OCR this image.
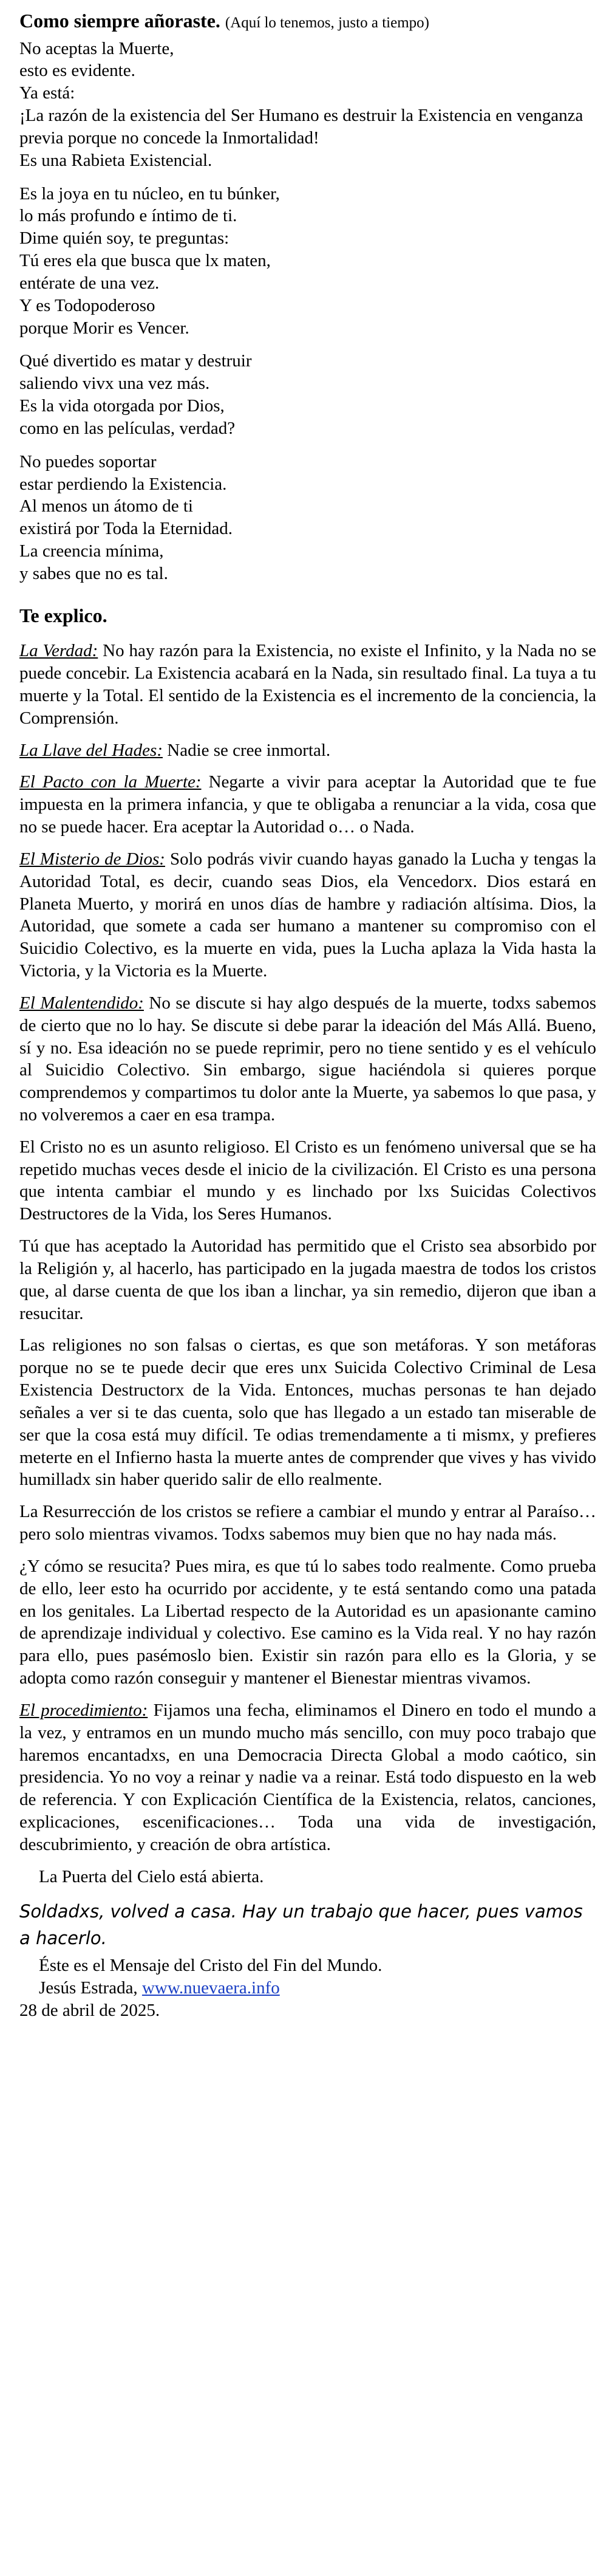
Como siempre añoraste. (Aquí lo tenemos, justo a tiempo)
No aceptas la Muerte,
esto es evidente.
Ya está:
¡La razón de la existencia del Ser Humano es destruir la Existencia en venganza previa porque no concede la Inmortalidad!
Es una Rabieta Existencial.
Es la joya en tu núcleo, en tu búnker,
lo más profundo e íntimo de ti.
Dime quién soy, te preguntas:
Tú eres ela que busca que lx maten,
entérate de una vez.
Y es Todopoderoso
porque Morir es Vencer.
Qué divertido es matar y destruir
saliendo vivx una vez más.
Es la vida otorgada por Dios,
como en las películas, verdad?
No puedes soportar
estar perdiendo la Existencia.
Al menos un átomo de ti
existirá por Toda la Eternidad.
La creencia mínima,
y sabes que no es tal.
Te explico.

La Verdad: No hay razón para la Existencia, no existe el Infinito, y la Nada no se puede concebir. La Existencia acabará en la Nada, sin resultado final. La tuya a tu muerte y la Total. El sentido de la Existencia es el incremento de la conciencia, la Comprensión.

La Llave del Hades: Nadie se cree inmortal.

El Pacto con la Muerte: Negarte a vivir para aceptar la Autoridad que te fue impuesta en la primera infancia, y que te obligaba a renunciar a la vida, cosa que no se puede hacer. Era aceptar la Autoridad o… o Nada.

El Misterio de Dios: Solo podrás vivir cuando hayas ganado la Lucha y tengas la Autoridad Total, es decir, cuando seas Dios, ela Vencedorx. Dios estará en Planeta Muerto, y morirá en unos días de hambre y radiación altísima. Dios, la Autoridad, que somete a cada ser humano a mantener su compromiso con el Suicidio Colectivo, es la muerte en vida, pues la Lucha aplaza la Vida hasta la Victoria, y la Victoria es la Muerte.

El Malentendido: No se discute si hay algo después de la muerte, todxs sabemos de cierto que no lo hay. Se discute si debe parar la ideación del Más Allá. Bueno, sí y no. Esa ideación no se puede reprimir, pero no tiene sentido y es el vehículo al Suicidio Colectivo. Sin embargo, sigue haciéndola si quieres porque comprendemos y compartimos tu dolor ante la Muerte, ya sabemos lo que pasa, y no volveremos a caer en esa trampa.

El Cristo no es un asunto religioso. El Cristo es un fenómeno universal que se ha repetido muchas veces desde el inicio de la civilización. El Cristo es una persona que intenta cambiar el mundo y es linchado por lxs Suicidas Colectivos Destructores de la Vida, los Seres Humanos.

Tú que has aceptado la Autoridad has permitido que el Cristo sea absorbido por la Religión y, al hacerlo, has participado en la jugada maestra de todos los cristos que, al darse cuenta de que los iban a linchar, ya sin remedio, dijeron que iban a resucitar.

Las religiones no son falsas o ciertas, es que son metáforas. Y son metáforas porque no se te puede decir que eres unx Suicida Colectivo Criminal de Lesa Existencia Destructorx de la Vida. Entonces, muchas personas te han dejado señales a ver si te das cuenta, solo que has llegado a un estado tan miserable de ser que la cosa está muy difícil. Te odias tremendamente a ti mismx, y prefieres meterte en el Infierno hasta la muerte antes de comprender que vives y has vivido humilladx sin haber querido salir de ello realmente.

La Resurrección de los cristos se refiere a cambiar el mundo y entrar al Paraíso… pero solo mientras vivamos. Todxs sabemos muy bien que no hay nada más.

¿Y cómo se resucita? Pues mira, es que tú lo sabes todo realmente. Como prueba de ello, leer esto ha ocurrido por accidente, y te está sentando como una patada en los genitales. La Libertad respecto de la Autoridad es un apasionante camino de aprendizaje individual y colectivo. Ese camino es la Vida real. Y no hay razón para ello, pues pasémoslo bien. Existir sin razón para ello es la Gloria, y se adopta como razón conseguir y mantener el Bienestar mientras vivamos.

El procedimiento: Fijamos una fecha, eliminamos el Dinero en todo el mundo a la vez, y entramos en un mundo mucho más sencillo, con muy poco trabajo que haremos encantadxs, en una Democracia Directa Global a modo caótico, sin presidencia. Yo no voy a reinar y nadie va a reinar. Está todo dispuesto en la web de referencia. Y con Explicación Científica de la Existencia, relatos, canciones, explicaciones, escenificaciones… Toda una vida de investigación, descubrimiento, y creación de obra artística.

La Puerta del Cielo está abierta.

Soldadxs, volved a casa. Hay un trabajo que hacer, pues vamos a hacerlo.

Éste es el Mensaje del Cristo del Fin del Mundo.

Jesús Estrada, www.nuevaera.info

28 de abril de 2025.
